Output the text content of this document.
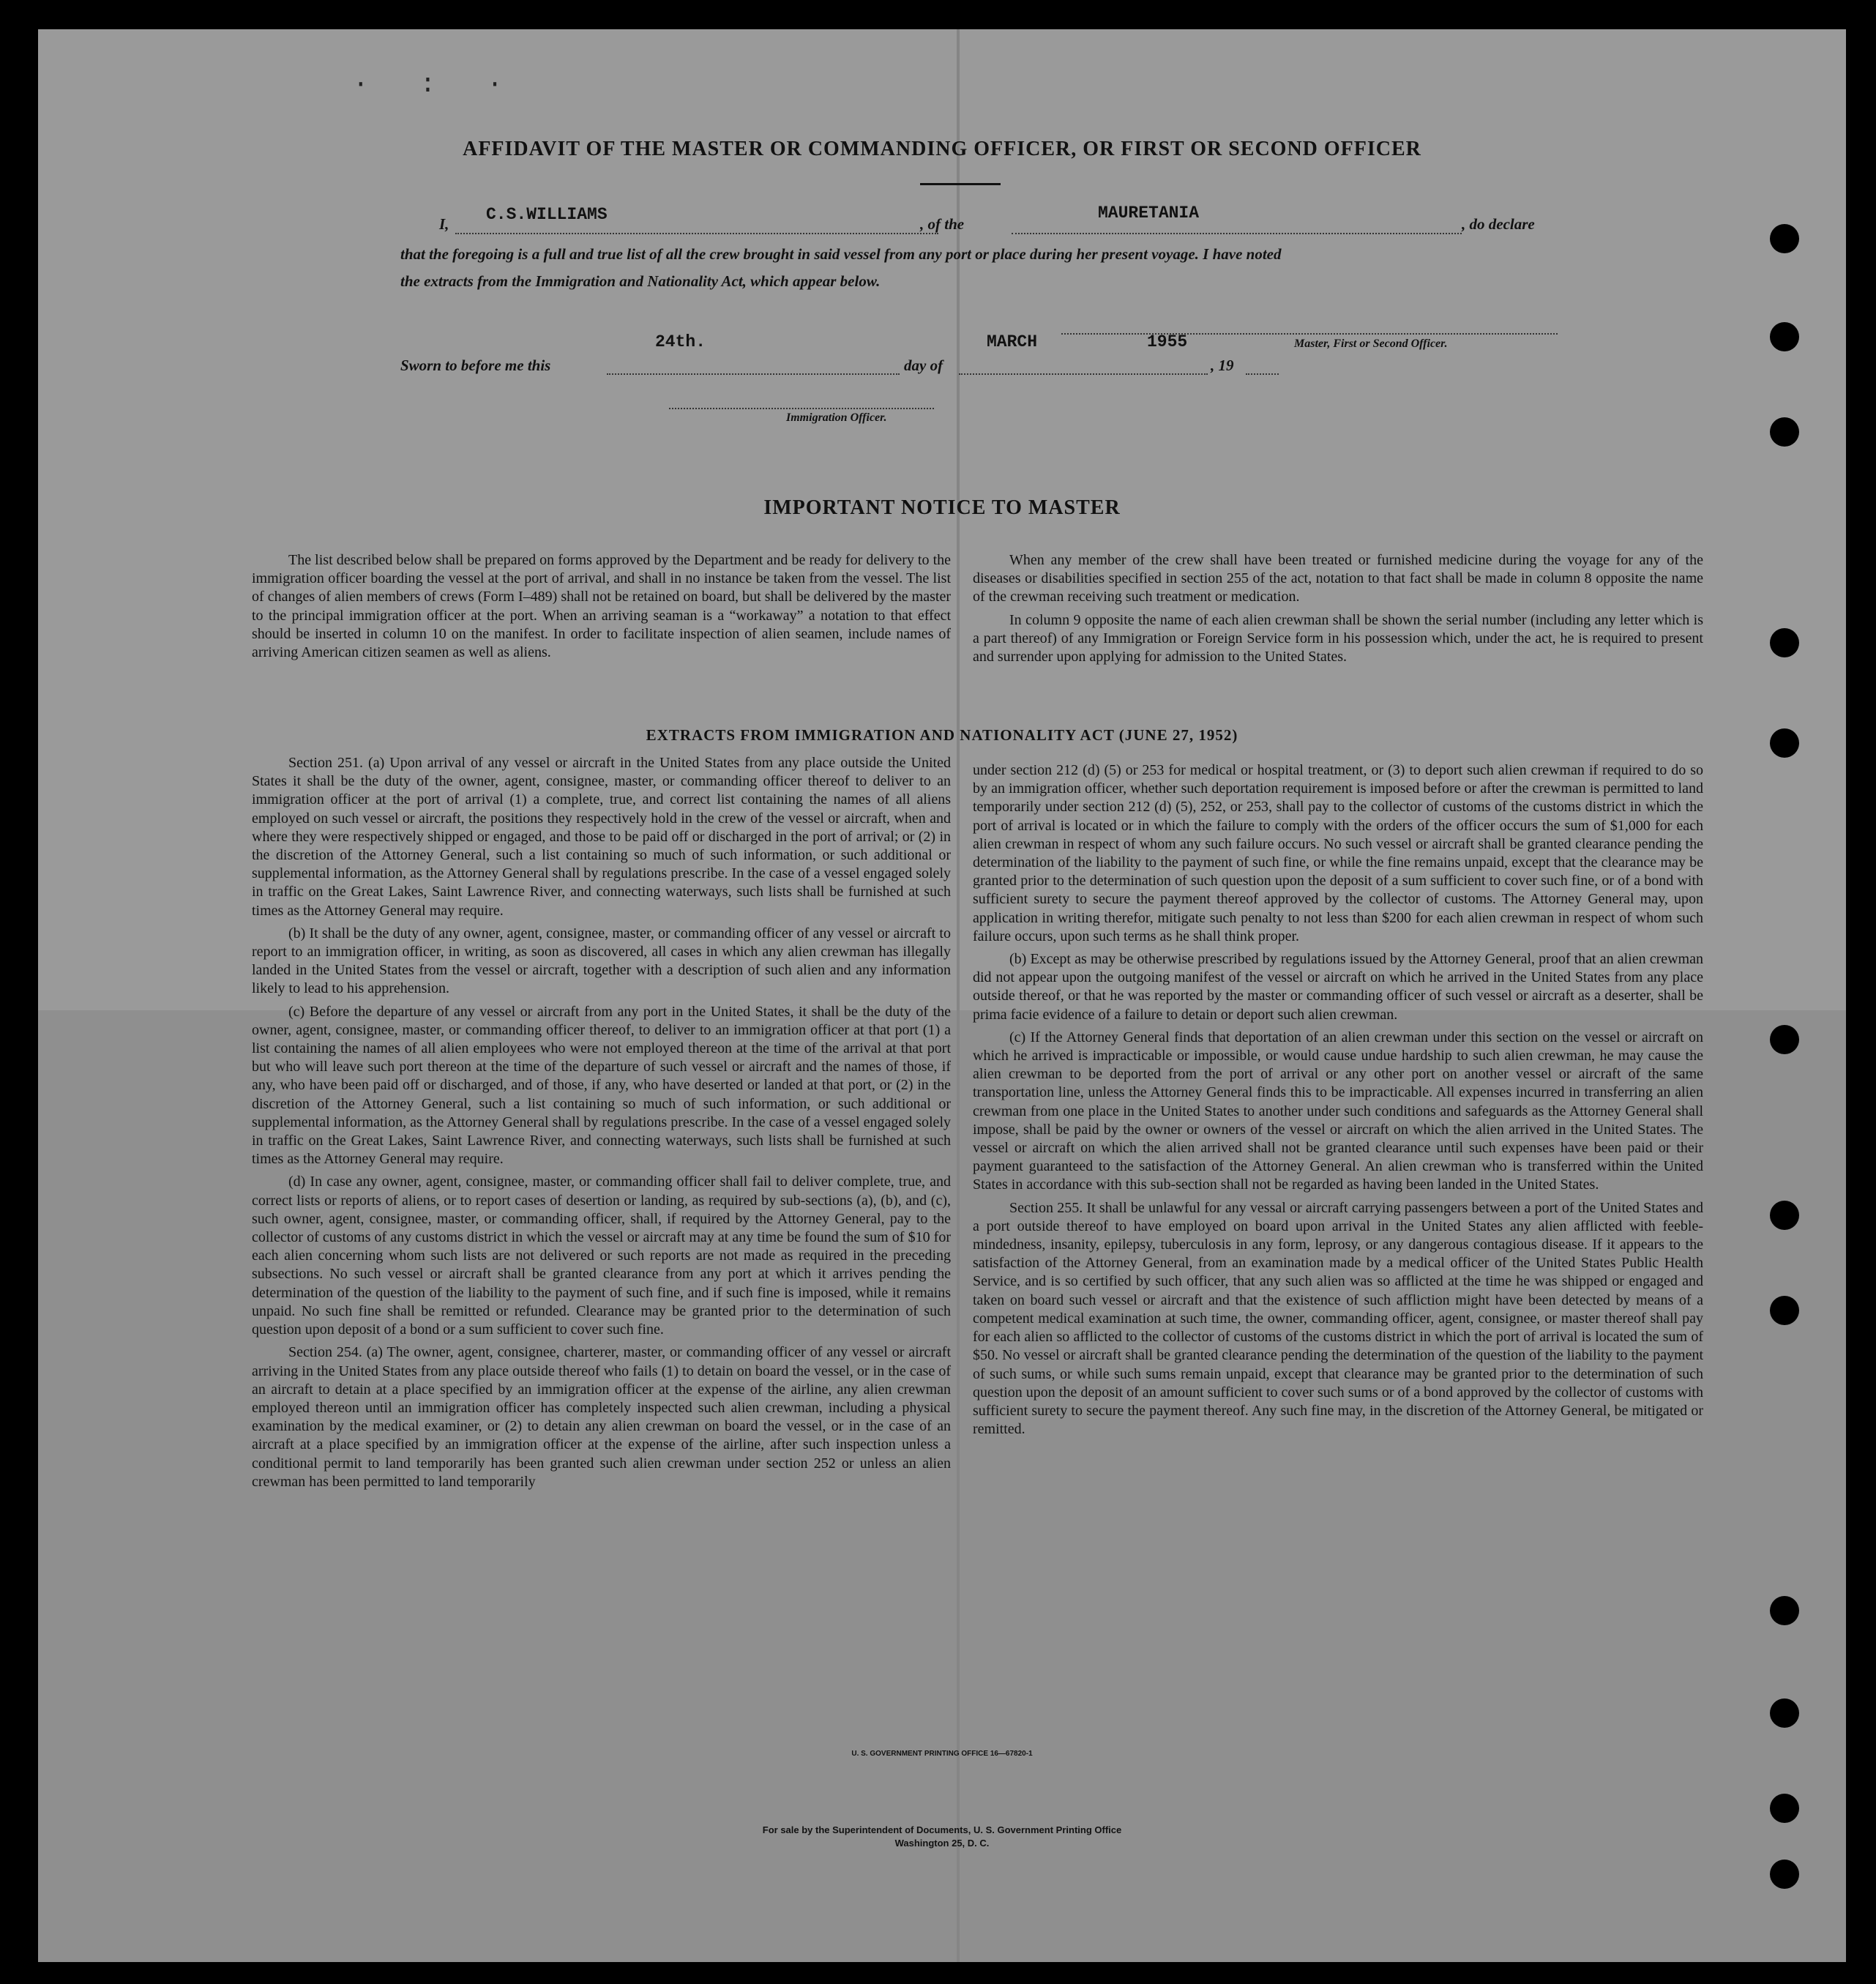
·:·
AFFIDAVIT OF THE MASTER OR COMMANDING OFFICER, OR FIRST OR SECOND OFFICER
I, C.S.WILLIAMS	, of the
MAURETANIA
, do declare
that the foregoing is a full and true list of all the crew brought in said vessel from any port or place during her present voyage. I have noted
the extracts from the Immigration and Nationality Act, which appear below.
Master, First or Second Officer.
Sworn to before me this
24th.
day of
MARCH	1955
, 19
Immigration Officer.
IMPORTANT NOTICE TO MASTER

The list described below shall be prepared on forms approved by the Department and be ready for delivery to the immigration officer boarding the vessel at the port of arrival, and shall in no instance be taken from the vessel. The list of changes of alien members of crews (Form I–489) shall not be retained on board, but shall be delivered by the master to the principal immigration officer at the port. When an arriving seaman is a “workaway” a notation to that effect should be inserted in column 10 on the manifest. In order to facilitate inspection of alien seamen, include names of arriving American citizen seamen as well as aliens.

When any member of the crew shall have been treated or furnished medicine during the voyage for any of the diseases or disabilities specified in section 255 of the act, notation to that fact shall be made in column 8 opposite the name of the crewman receiving such treatment or medication.

In column 9 opposite the name of each alien crewman shall be shown the serial number (including any letter which is a part thereof) of any Immigration or Foreign Service form in his possession which, under the act, he is required to present and surrender upon applying for admission to the United States.

EXTRACTS FROM IMMIGRATION AND NATIONALITY ACT (JUNE 27, 1952)

Section 251. (a) Upon arrival of any vessel or aircraft in the United States from any place outside the United States it shall be the duty of the owner, agent, consignee, master, or commanding officer thereof to deliver to an immigration officer at the port of arrival (1) a complete, true, and correct list containing the names of all aliens employed on such vessel or aircraft, the positions they respectively hold in the crew of the vessel or aircraft, when and where they were respectively shipped or engaged, and those to be paid off or discharged in the port of arrival; or (2) in the discretion of the Attorney General, such a list containing so much of such information, or such additional or supplemental information, as the Attorney General shall by regulations prescribe. In the case of a vessel engaged solely in traffic on the Great Lakes, Saint Lawrence River, and connecting waterways, such lists shall be furnished at such times as the Attorney General may require.

(b) It shall be the duty of any owner, agent, consignee, master, or commanding officer of any vessel or aircraft to report to an immigration officer, in writing, as soon as discovered, all cases in which any alien crewman has illegally landed in the United States from the vessel or aircraft, together with a description of such alien and any information likely to lead to his apprehension.

(c) Before the departure of any vessel or aircraft from any port in the United States, it shall be the duty of the owner, agent, consignee, master, or commanding officer thereof, to deliver to an immigration officer at that port (1) a list containing the names of all alien employees who were not employed thereon at the time of the arrival at that port but who will leave such port thereon at the time of the departure of such vessel or aircraft and the names of those, if any, who have been paid off or discharged, and of those, if any, who have deserted or landed at that port, or (2) in the discretion of the Attorney General, such a list containing so much of such information, or such additional or supplemental information, as the Attorney General shall by regulations prescribe. In the case of a vessel engaged solely in traffic on the Great Lakes, Saint Lawrence River, and connecting waterways, such lists shall be furnished at such times as the Attorney General may require.

(d) In case any owner, agent, consignee, master, or commanding officer shall fail to deliver complete, true, and correct lists or reports of aliens, or to report cases of desertion or landing, as required by sub-sections (a), (b), and (c), such owner, agent, consignee, master, or commanding officer, shall, if required by the Attorney General, pay to the collector of customs of any customs district in which the vessel or aircraft may at any time be found the sum of $10 for each alien concerning whom such lists are not delivered or such reports are not made as required in the preceding subsections. No such vessel or aircraft shall be granted clearance from any port at which it arrives pending the determination of the question of the liability to the payment of such fine, and if such fine is imposed, while it remains unpaid. No such fine shall be remitted or refunded. Clearance may be granted prior to the determination of such question upon deposit of a bond or a sum sufficient to cover such fine.

Section 254. (a) The owner, agent, consignee, charterer, master, or commanding officer of any vessel or aircraft arriving in the United States from any place outside thereof who fails (1) to detain on board the vessel, or in the case of an aircraft to detain at a place specified by an immigration officer at the expense of the airline, any alien crewman employed thereon until an immigration officer has completely inspected such alien crewman, including a physical examination by the medical examiner, or (2) to detain any alien crewman on board the vessel, or in the case of an aircraft at a place specified by an immigration officer at the expense of the airline, after such inspection unless a conditional permit to land temporarily has been granted such alien crewman under section 252 or unless an alien crewman has been permitted to land temporarily

under section 212 (d) (5) or 253 for medical or hospital treatment, or (3) to deport such alien crewman if required to do so by an immigration officer, whether such deportation requirement is imposed before or after the crewman is permitted to land temporarily under section 212 (d) (5), 252, or 253, shall pay to the collector of customs of the customs district in which the port of arrival is located or in which the failure to comply with the orders of the officer occurs the sum of $1,000 for each alien crewman in respect of whom any such failure occurs. No such vessel or aircraft shall be granted clearance pending the determination of the liability to the payment of such fine, or while the fine remains unpaid, except that the clearance may be granted prior to the determination of such question upon the deposit of a sum sufficient to cover such fine, or of a bond with sufficient surety to secure the payment thereof approved by the collector of customs. The Attorney General may, upon application in writing therefor, mitigate such penalty to not less than $200 for each alien crewman in respect of whom such failure occurs, upon such terms as he shall think proper.

(b) Except as may be otherwise prescribed by regulations issued by the Attorney General, proof that an alien crewman did not appear upon the outgoing manifest of the vessel or aircraft on which he arrived in the United States from any place outside thereof, or that he was reported by the master or commanding officer of such vessel or aircraft as a deserter, shall be prima facie evidence of a failure to detain or deport such alien crewman.

(c) If the Attorney General finds that deportation of an alien crewman under this section on the vessel or aircraft on which he arrived is impracticable or impossible, or would cause undue hardship to such alien crewman, he may cause the alien crewman to be deported from the port of arrival or any other port on another vessel or aircraft of the same transportation line, unless the Attorney General finds this to be impracticable. All expenses incurred in transferring an alien crewman from one place in the United States to another under such conditions and safeguards as the Attorney General shall impose, shall be paid by the owner or owners of the vessel or aircraft on which the alien arrived in the United States. The vessel or aircraft on which the alien arrived shall not be granted clearance until such expenses have been paid or their payment guaranteed to the satisfaction of the Attorney General. An alien crewman who is transferred within the United States in accordance with this sub-section shall not be regarded as having been landed in the United States.

Section 255. It shall be unlawful for any vessal or aircraft carrying passengers between a port of the United States and a port outside thereof to have employed on board upon arrival in the United States any alien afflicted with feeble-mindedness, insanity, epilepsy, tuberculosis in any form, leprosy, or any dangerous contagious disease. If it appears to the satisfaction of the Attorney General, from an examination made by a medical officer of the United States Public Health Service, and is so certified by such officer, that any such alien was so afflicted at the time he was shipped or engaged and taken on board such vessel or aircraft and that the existence of such affliction might have been detected by means of a competent medical examination at such time, the owner, commanding officer, agent, consignee, or master thereof shall pay for each alien so afflicted to the collector of customs of the customs district in which the port of arrival is located the sum of $50. No vessel or aircraft shall be granted clearance pending the determination of the question of the liability to the payment of such sums, or while such sums remain unpaid, except that clearance may be granted prior to the determination of such question upon the deposit of an amount sufficient to cover such sums or of a bond approved by the collector of customs with sufficient surety to secure the payment thereof. Any such fine may, in the discretion of the Attorney General, be mitigated or remitted.

U. S. GOVERNMENT PRINTING OFFICE 16—67820-1
For sale by the Superintendent of Documents, U. S. Government Printing Office
Washington 25, D. C.
